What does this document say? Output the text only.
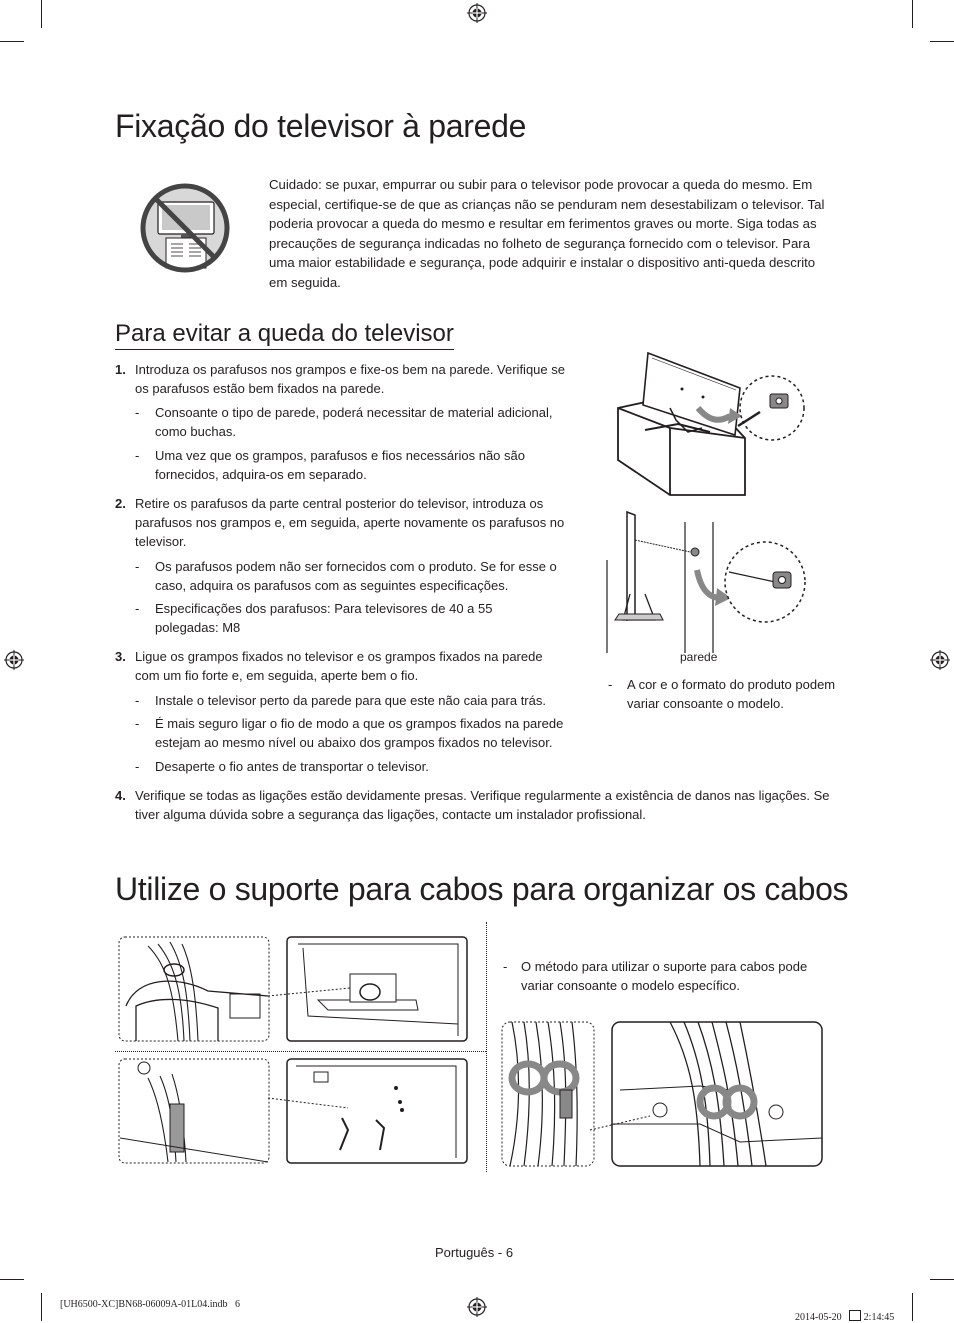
Fixação do televisor à parede
Cuidado: se puxar, empurrar ou subir para o televisor pode provocar a queda do mesmo. Em especial, certifique-se de que as crianças não se penduram nem desestabilizam o televisor. Tal poderia provocar a queda do mesmo e resultar em ferimentos graves ou morte. Siga todas as precauções de segurança indicadas no folheto de segurança fornecido com o televisor. Para uma maior estabilidade e segurança, pode adquirir e instalar o dispositivo anti-queda descrito em seguida.
Para evitar a queda do televisor
1. Introduza os parafusos nos grampos e fixe-os bem na parede. Verifique se os parafusos estão bem fixados na parede.
- Consoante o tipo de parede, poderá necessitar de material adicional, como buchas.
- Uma vez que os grampos, parafusos e fios necessários não são fornecidos, adquira-os em separado.
2. Retire os parafusos da parte central posterior do televisor, introduza os parafusos nos grampos e, em seguida, aperte novamente os parafusos no televisor.
- Os parafusos podem não ser fornecidos com o produto. Se for esse o caso, adquira os parafusos com as seguintes especificações.
- Especificações dos parafusos: Para televisores de 40 a 55 polegadas: M8
3. Ligue os grampos fixados no televisor e os grampos fixados na parede com um fio forte e, em seguida, aperte bem o fio.
- Instale o televisor perto da parede para que este não caia para trás.
- É mais seguro ligar o fio de modo a que os grampos fixados na parede estejam ao mesmo nível ou abaixo dos grampos fixados no televisor.
- Desaperte o fio antes de transportar o televisor.
4. Verifique se todas as ligações estão devidamente presas. Verifique regularmente a existência de danos nas ligações. Se tiver alguma dúvida sobre a segurança das ligações, contacte um instalador profissional.
parede
- A cor e o formato do produto podem variar consoante o modelo.
Utilize o suporte para cabos para organizar os cabos
- O método para utilizar o suporte para cabos pode variar consoante o modelo específico.
Português - 6
[UH6500-XC]BN68-06009A-01L04.indb   6

2014-05-20    2:14:45
